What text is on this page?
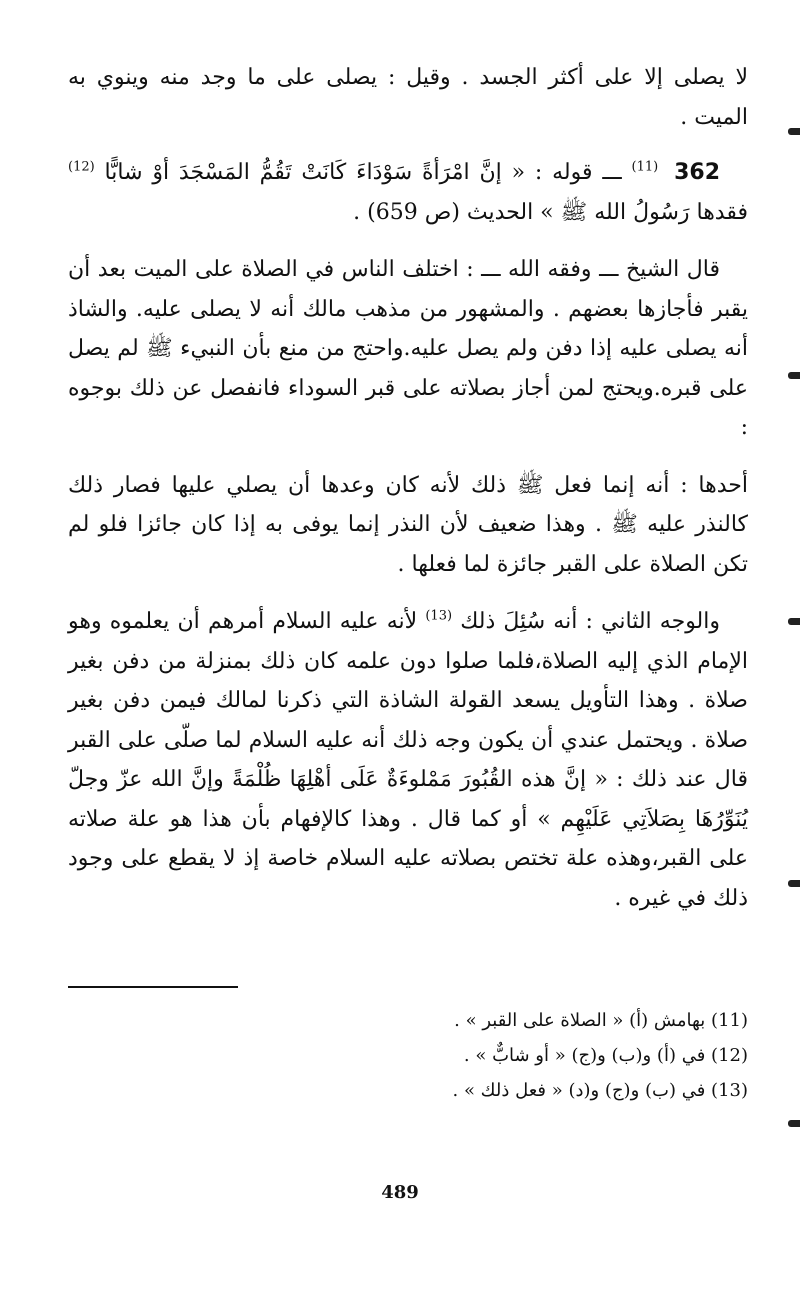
لا يصلى إلا على أكثر الجسد . وقيل : يصلى على ما وجد منه وينوي به الميت .

362 $^{(11)}$ ـــ قوله : « إنَّ امْرَأةً سَوْدَاءَ كَانَتْ تَقُمُّ المَسْجَدَ أوْ شابًّا $^{(12)}$ فقدها رَسُولُ الله ﷺ » الحديث (ص 659) .

قال الشيخ ـــ وفقه الله ـــ : اختلف الناس في الصلاة على الميت بعد أن يقبر فأجازها بعضهم . والمشهور من مذهب مالك أنه لا يصلى عليه. والشاذ أنه يصلى عليه إذا دفن ولم يصل عليه.واحتج من منع بأن النبيء ﷺ لم يصل على قبره.ويحتج لمن أجاز بصلاته على قبر السوداء فانفصل عن ذلك بوجوه :

أحدها : أنه إنما فعل ﷺ ذلك لأنه كان وعدها أن يصلي عليها فصار ذلك كالنذر عليه ﷺ . وهذا ضعيف لأن النذر إنما يوفى به إذا كان جائزا فلو لم تكن الصلاة على القبر جائزة لما فعلها .

والوجه الثاني : أنه سُئِلَ ذلك $^{(13)}$ لأنه عليه السلام أمرهم أن يعلموه وهو الإمام الذي إليه الصلاة،فلما صلوا دون علمه كان ذلك بمنزلة من دفن بغير صلاة . وهذا التأويل يسعد القولة الشاذة التي ذكرنا لمالك فيمن دفن بغير صلاة . ويحتمل عندي أن يكون وجه ذلك أنه عليه السلام لما صلّى على القبر قال عند ذلك : « إنَّ هذه القُبُورَ مَمْلوءَةٌ عَلَى أهْلِهَا ظُلْمَةً وإنَّ الله عزّ وجلّ يُنَوِّرُهَا بِصَلاَتِي عَلَيْهِم » أو كما قال . وهذا كالإفهام بأن هذا هو علة صلاته على القبر،وهذه علة تختص بصلاته عليه السلام خاصة إذ لا يقطع على وجود ذلك في غيره .

(11) بهامش (أ) « الصلاة على القبر » .

(12) في (أ) و(ب) و(ج) « أو شابٌّ » .

(13) في (ب) و(ج) و(د) « فعل ذلك » .

489
